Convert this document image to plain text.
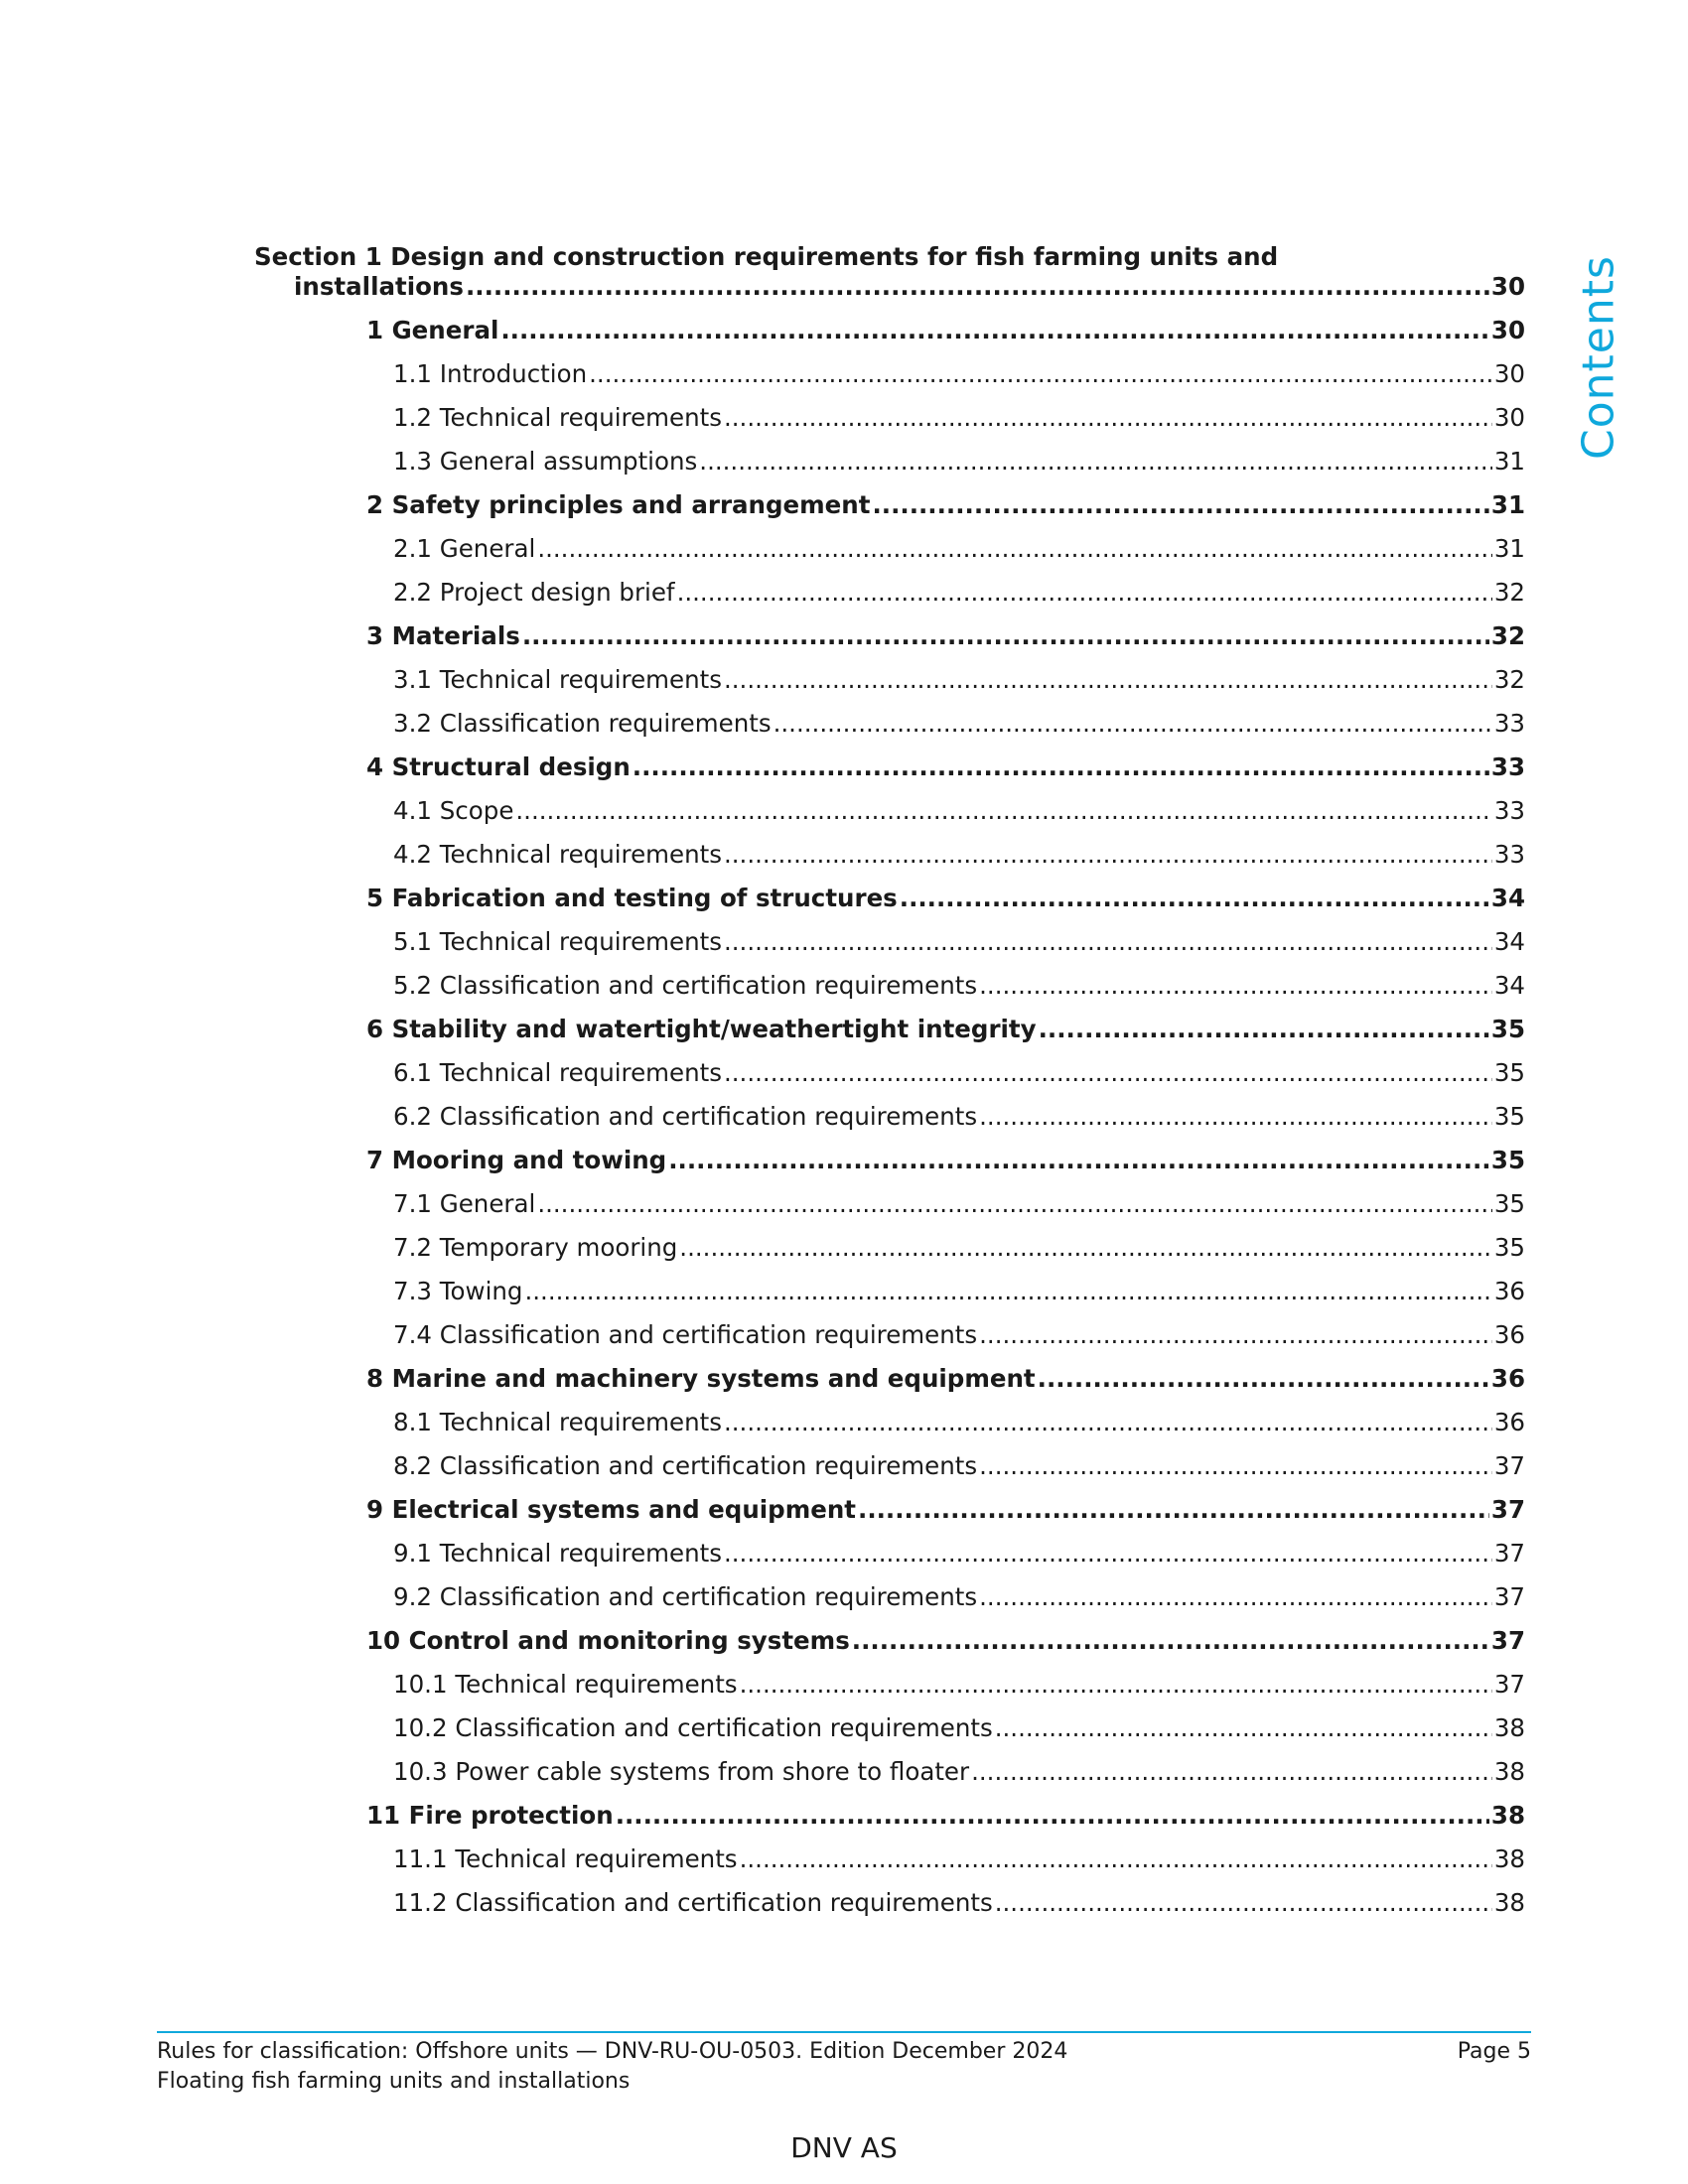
Contents
Section 1 Design and construction requirements for fish farming units and
installations .....	30
1 General .....	30
1.1 Introduction .....	30
1.2 Technical requirements .....	30
1.3 General assumptions .....	31
2 Safety principles and arrangement .....	31
2.1 General .....	31
2.2 Project design brief .....	32
3 Materials .....	32
3.1 Technical requirements .....	32
3.2 Classification requirements .....	33
4 Structural design .....	33
4.1 Scope .....	33
4.2 Technical requirements .....	33
5 Fabrication and testing of structures .....	34
5.1 Technical requirements .....	34
5.2 Classification and certification requirements .....	34
6 Stability and watertight/weathertight integrity .....	35
6.1 Technical requirements .....	35
6.2 Classification and certification requirements .....	35
7 Mooring and towing .....	35
7.1 General .....	35
7.2 Temporary mooring .....	35
7.3 Towing .....	36
7.4 Classification and certification requirements .....	36
8 Marine and machinery systems and equipment .....	36
8.1 Technical requirements .....	36
8.2 Classification and certification requirements .....	37
9 Electrical systems and equipment .....	37
9.1 Technical requirements .....	37
9.2 Classification and certification requirements .....	37
10 Control and monitoring systems .....	37
10.1 Technical requirements .....	37
10.2 Classification and certification requirements .....	38
10.3 Power cable systems from shore to floater .....	38
11 Fire protection .....	38
11.1 Technical requirements .....	38
11.2 Classification and certification requirements .....	38
Rules for classification: Offshore units — DNV-RU-OU-0503. Edition December 2024
Floating fish farming units and installations
Page 5
DNV AS
